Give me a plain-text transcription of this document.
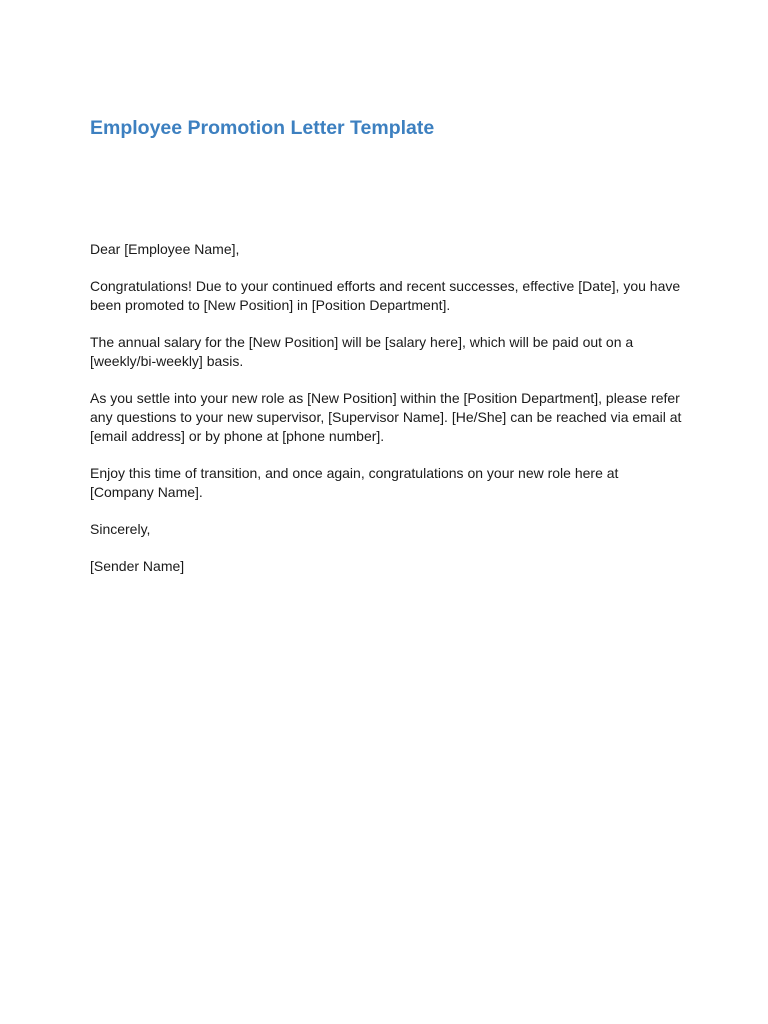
Employee Promotion Letter Template

Dear [Employee Name],

Congratulations! Due to your continued efforts and recent successes, effective [Date], you have
been promoted to [New Position] in [Position Department].

The annual salary for the [New Position] will be [salary here], which will be paid out on a
[weekly/bi-weekly] basis.

As you settle into your new role as [New Position] within the [Position Department], please refer
any questions to your new supervisor, [Supervisor Name]. [He/She] can be reached via email at
[email address] or by phone at [phone number].

Enjoy this time of transition, and once again, congratulations on your new role here at
[Company Name].

Sincerely,

[Sender Name]
